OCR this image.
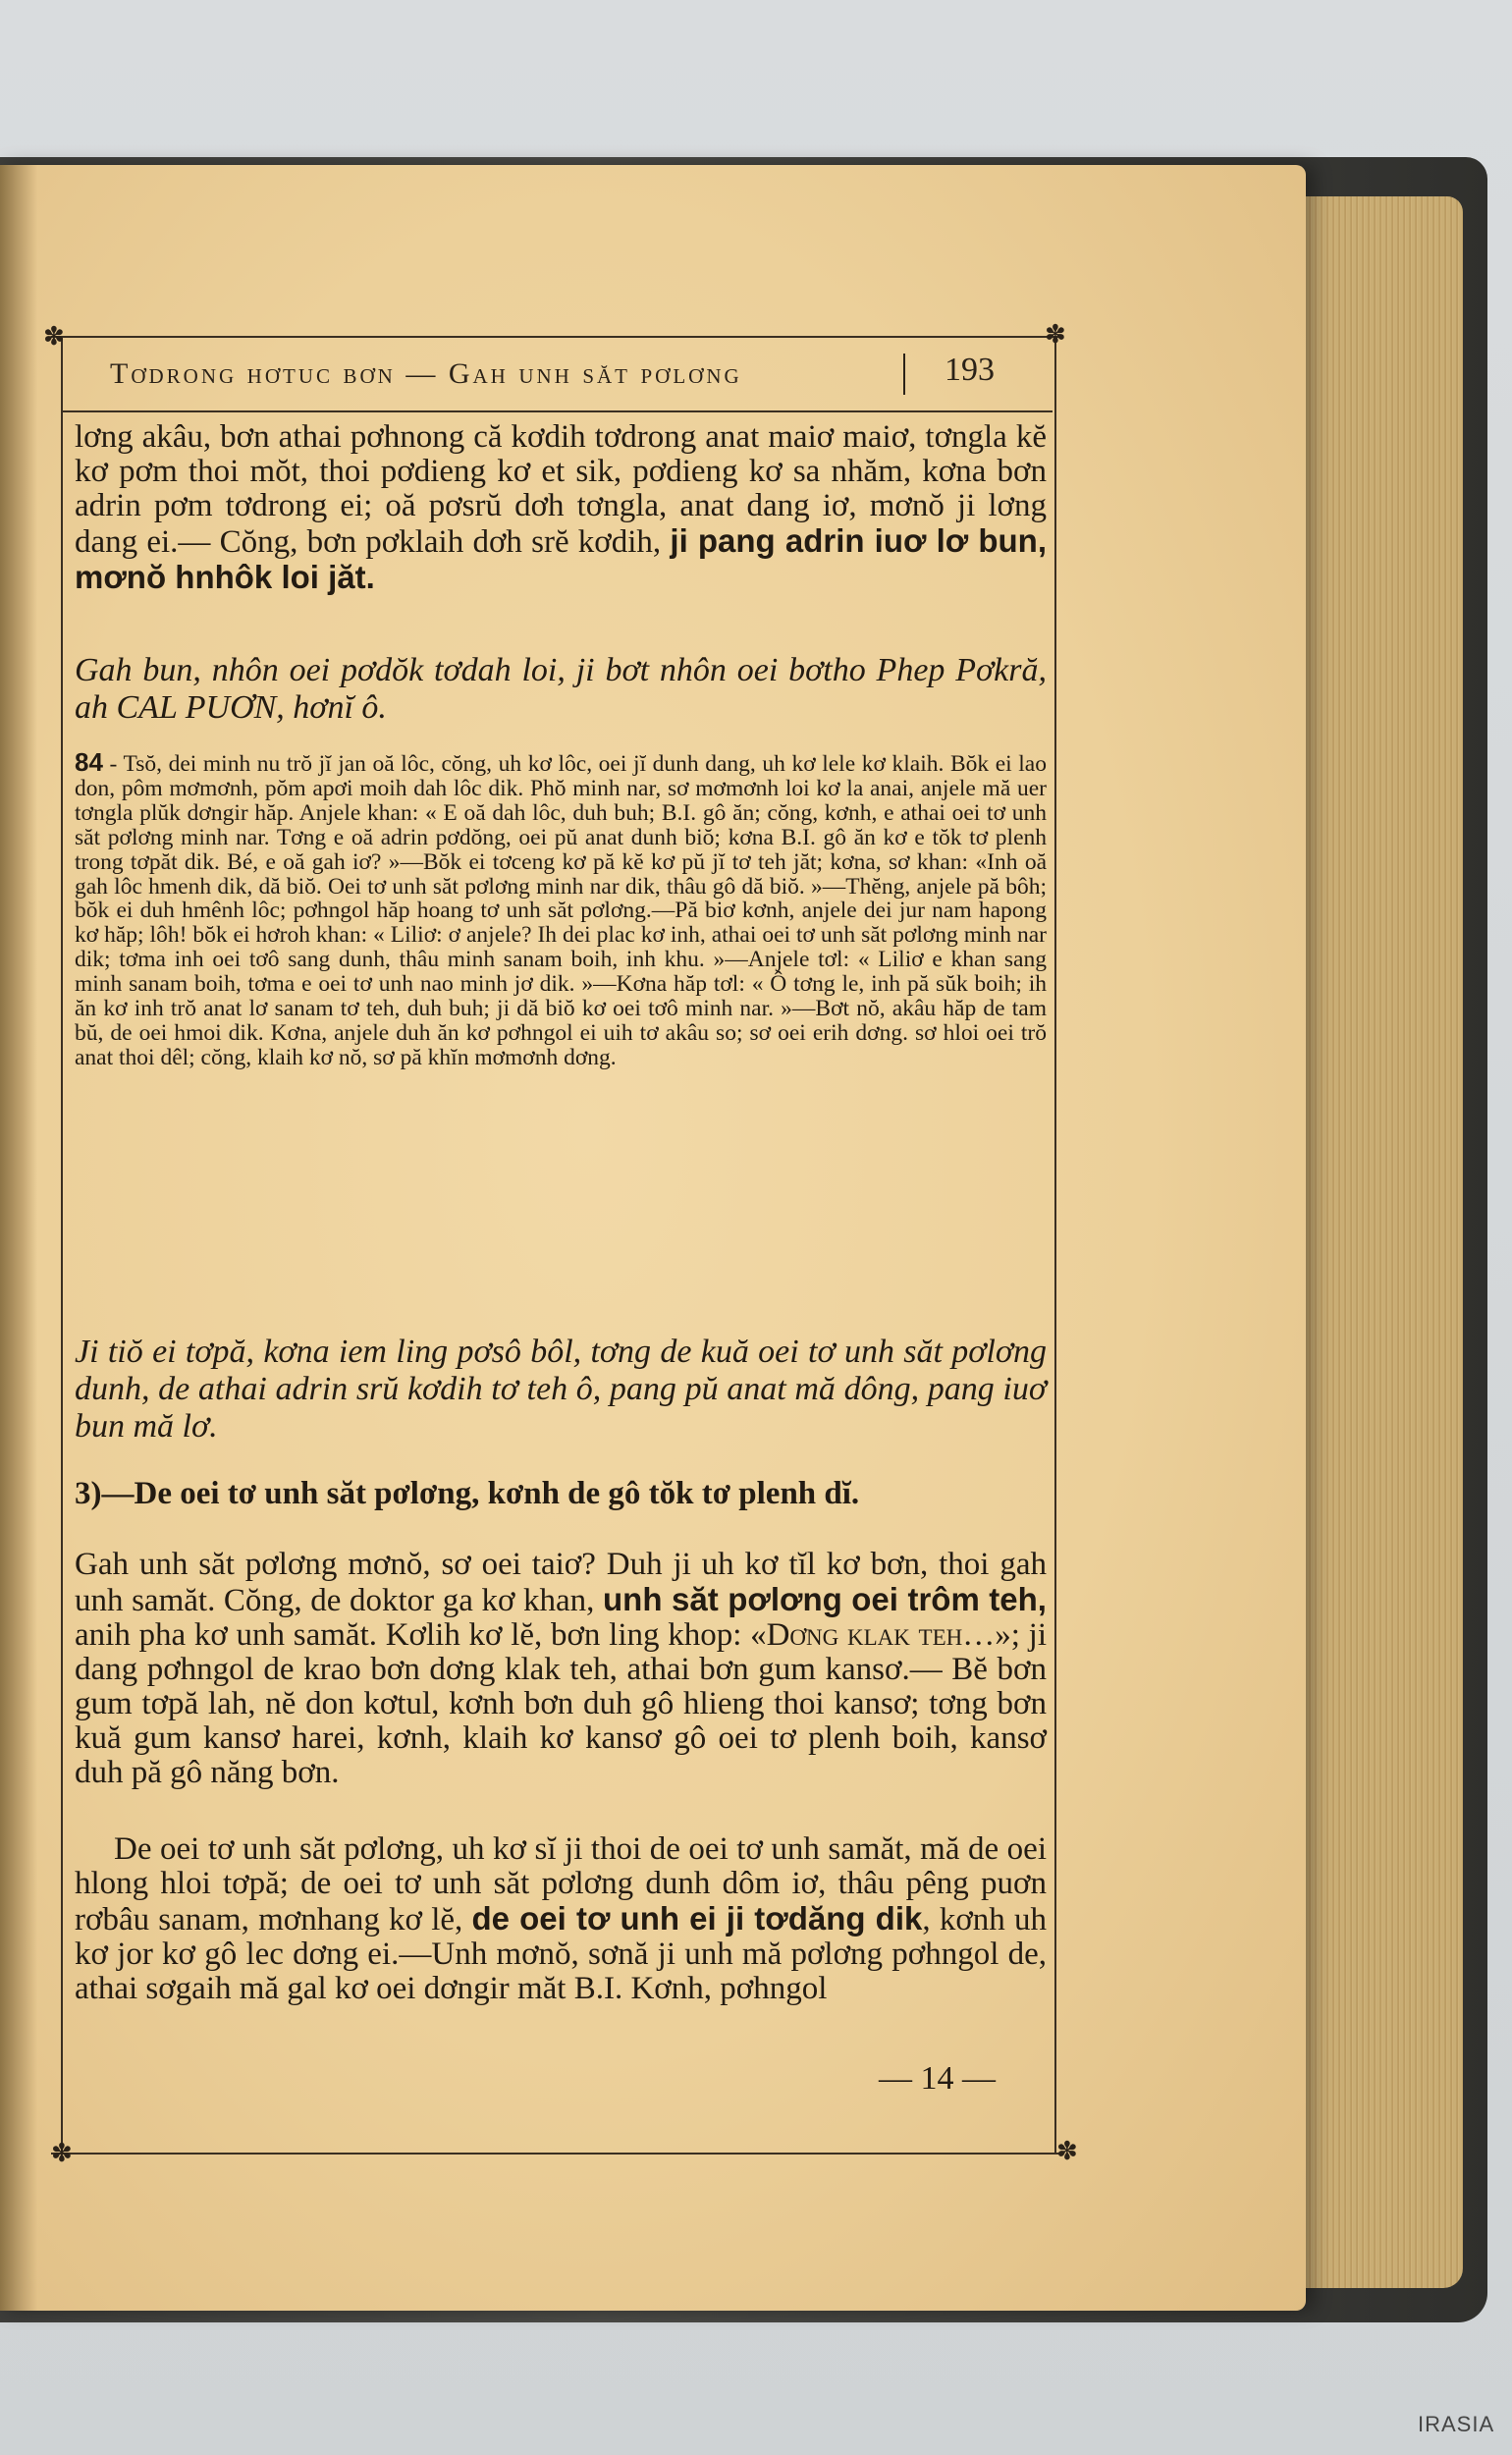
✽	✽
✽	✽
Tơdrong hơtuc bơn — Gah unh săt pơlơng	193

lơng akâu, bơn athai pơhnong că kơdih tơdrong anat maiơ maiơ, tơngla kĕ kơ pơm thoi mŏt, thoi pơdieng kơ et sik, pơdieng kơ sa nhăm, kơna bơn adrin pơm tơdrong ei; oă pơsrŭ dơh tơngla, anat dang iơ, mơnŏ ji lơng dang ei.— Cŏng, bơn pơklaih dơh srĕ kơdih, ji pang adrin iuơ lơ bun, mơnŏ hnhôk loi jăt.

Gah bun, nhôn oei pơdŏk tơdah loi, ji bơt nhôn oei bơtho Phep Pơkră, ah CAL PUƠN, hơnĭ ô.

84 - Tsŏ, dei minh nu trŏ jĭ jan oă lôc, cŏng, uh kơ lôc, oei jĭ dunh dang, uh kơ lele kơ klaih. Bŏk ei lao don, pôm mơmơnh, pŏm apơi moih dah lôc dik. Phŏ minh nar, sơ mơmơnh loi kơ la anai, anjele mă uer tơngla plŭk dơngir hăp. Anjele khan: « E oă dah lôc, duh buh; B.I. gô ăn; cŏng, kơnh, e athai oei tơ unh săt pơlơng minh nar. Tơng e oă adrin pơdŏng, oei pŭ anat dunh biŏ; kơna B.I. gô ăn kơ e tŏk tơ plenh trong tơpăt dik. Bé, e oă gah iơ? »—Bŏk ei tơceng kơ pă kĕ kơ pŭ jĭ tơ teh jăt; kơna, sơ khan: «Inh oă gah lôc hmenh dik, dă biŏ. Oei tơ unh săt pơlơng minh nar dik, thâu gô dă biŏ. »—Thĕng, anjele pă bôh; bŏk ei duh hmênh lôc; pơhngol hăp hoang tơ unh săt pơlơng.—Pă biơ kơnh, anjele dei jur nam hapong kơ hăp; lôh! bŏk ei hơroh khan: « Liliơ: ơ anjele? Ih dei plac kơ inh, athai oei tơ unh săt pơlơng minh nar dik; tơma inh oei tơô sang dunh, thâu minh sanam boih, inh khu. »—Anjele tơl: « Liliơ e khan sang minh sanam boih, tơma e oei tơ unh nao minh jơ dik. »—Kơna hăp tơl: « Ô tơng le, inh pă sŭk boih; ih ăn kơ inh trŏ anat lơ sanam tơ teh, duh buh; ji dă biŏ kơ oei tơô minh nar. »—Bơt nŏ, akâu hăp de tam bŭ, de oei hmoi dik. Kơna, anjele duh ăn kơ pơhngol ei uih tơ akâu so; sơ oei erih dơng. sơ hloi oei trŏ anat thoi dêl; cŏng, klaih kơ nŏ, sơ pă khĭn mơmơnh dơng.

Ji tiŏ ei tơpă, kơna iem ling pơsô bôl, tơng de kuă oei tơ unh săt pơlơng dunh, de athai adrin srŭ kơdih tơ teh ô, pang pŭ anat mă dông, pang iuơ bun mă lơ.

3)—De oei tơ unh săt pơlơng, kơnh de gô tŏk tơ plenh dĭ.

Gah unh săt pơlơng mơnŏ, sơ oei taiơ? Duh ji uh kơ tĭl kơ bơn, thoi gah unh samăt. Cŏng, de doktor ga kơ khan, unh săt pơlơng oei trôm teh, anih pha kơ unh samăt. Kơlih kơ lĕ, bơn ling khop: «Dơng klak teh…»; ji dang pơhngol de krao bơn dơng klak teh, athai bơn gum kansơ.— Bĕ bơn gum tơpă lah, nĕ don kơtul, kơnh bơn duh gô hlieng thoi kansơ; tơng bơn kuă gum kansơ harei, kơnh, klaih kơ kansơ gô oei tơ plenh boih, kansơ duh pă gô năng bơn.

De oei tơ unh săt pơlơng, uh kơ sĭ ji thoi de oei tơ unh samăt, mă de oei hlong hloi tơpă; de oei tơ unh săt pơlơng dunh dôm iơ, thâu pêng puơn rơbâu sanam, mơnhang kơ lĕ, de oei tơ unh ei ji tơdăng dik, kơnh uh kơ jor kơ gô lec dơng ei.—Unh mơnŏ, sơnă ji unh mă pơlơng pơhngol de, athai sơgaih mă gal kơ oei dơngir măt B.I. Kơnh, pơhngol

— 14 —
IRASIA
